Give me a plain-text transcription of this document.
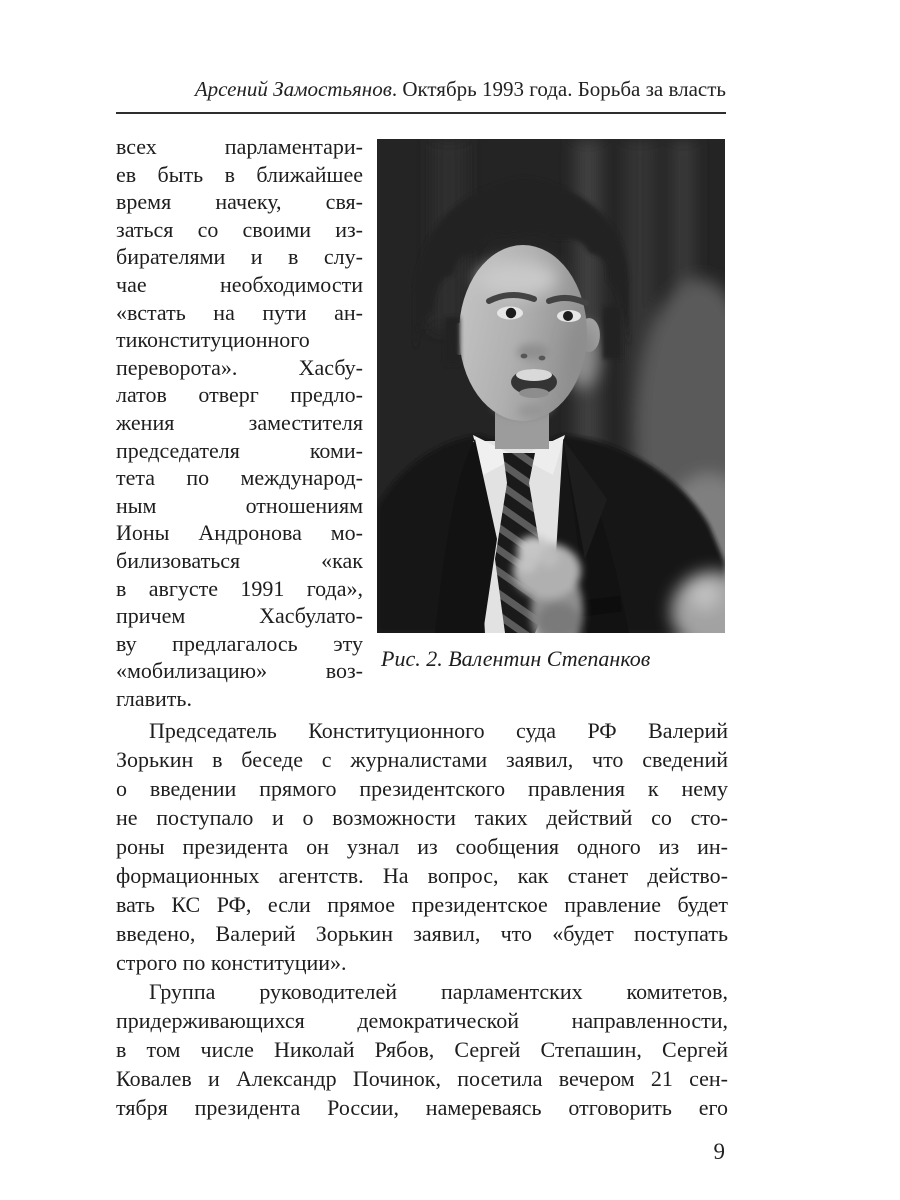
Арсений Замостьянов. Октябрь 1993 года. Борьба за власть
всех парламентари-
ев быть в ближайшее
время начеку, свя-
заться со своими из-
бирателями и в слу-
чае необходимости
«встать на пути ан-
тиконституционного
переворота». Хасбу-
латов отверг предло-
жения заместителя
председателя коми-
тета по международ-
ным отношениям
Ионы Андронова мо-
билизоваться «как
в августе 1991 года»,
причем Хасбулато-
ву предлагалось эту
«мобилизацию» воз-
главить.
Рис. 2. Валентин Степанков
Председатель Конституционного суда РФ Валерий
Зорькин в беседе с журналистами заявил, что сведений
о введении прямого президентского правления к нему
не поступало и о возможности таких действий со сто-
роны президента он узнал из сообщения одного из ин-
формационных агентств. На вопрос, как станет действо-
вать КС РФ, если прямое президентское правление будет
введено, Валерий Зорькин заявил, что «будет поступать
строго по конституции».
Группа руководителей парламентских комитетов,
придерживающихся демократической направленности,
в том числе Николай Рябов, Сергей Степашин, Сергей
Ковалев и Александр Починок, посетила вечером 21 сен-
тября президента России, намереваясь отговорить его
9
